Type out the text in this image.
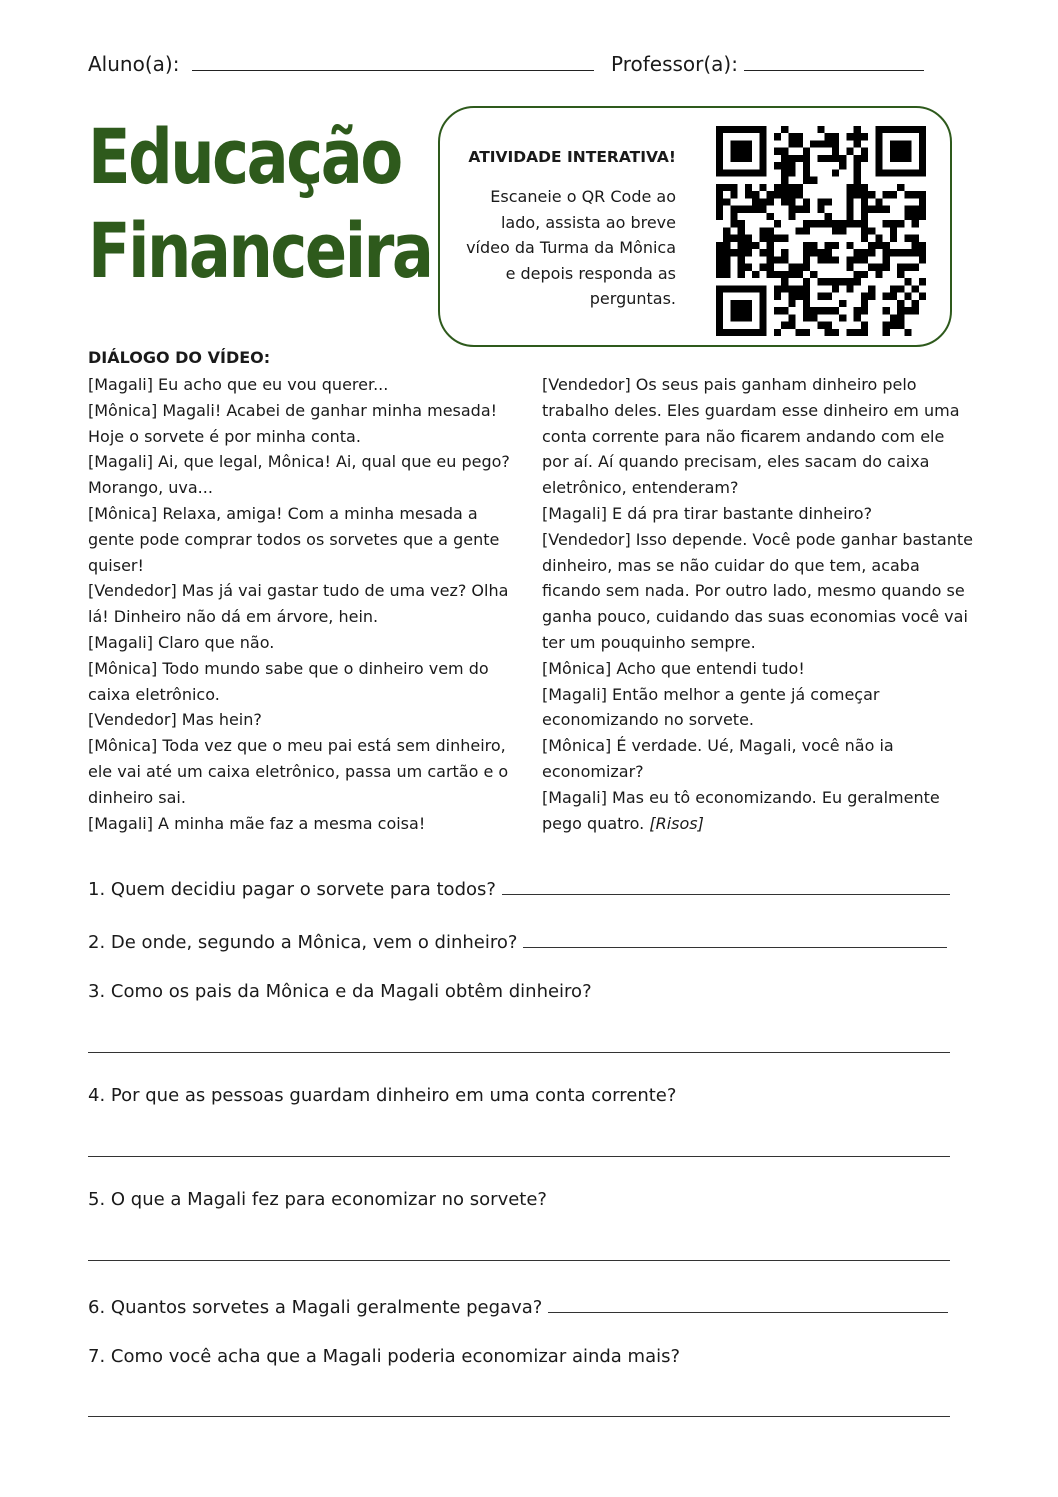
Aluno(a):	Professor(a):
Educação
Financeira
ATIVIDADE INTERATIVA!
Escaneie o QR Code ao lado, assista ao breve vídeo da Turma da Mônica e depois responda as perguntas.
DIÁLOGO DO VÍDEO:

[Magali] Eu acho que eu vou querer...

[Mônica] Magali! Acabei de ganhar minha mesada! Hoje o sorvete é por minha conta.

[Magali] Ai, que legal, Mônica! Ai, qual que eu pego? Morango, uva...

[Mônica] Relaxa, amiga! Com a minha mesada a gente pode comprar todos os sorvetes que a gente quiser!

[Vendedor] Mas já vai gastar tudo de uma vez? Olha lá! Dinheiro não dá em árvore, hein.

[Magali] Claro que não.

[Mônica] Todo mundo sabe que o dinheiro vem do caixa eletrônico.

[Vendedor] Mas hein?

[Mônica] Toda vez que o meu pai está sem dinheiro, ele vai até um caixa eletrônico, passa um cartão e o dinheiro sai.

[Magali] A minha mãe faz a mesma coisa!

[Vendedor] Os seus pais ganham dinheiro pelo trabalho deles. Eles guardam esse dinheiro em uma conta corrente para não ficarem andando com ele por aí. Aí quando precisam, eles sacam do caixa eletrônico, entenderam?

[Magali] E dá pra tirar bastante dinheiro?

[Vendedor] Isso depende. Você pode ganhar bastante dinheiro, mas se não cuidar do que tem, acaba ficando sem nada. Por outro lado, mesmo quando se ganha pouco, cuidando das suas economias você vai ter um pouquinho sempre.

[Mônica] Acho que entendi tudo!

[Magali] Então melhor a gente já começar economizando no sorvete.

[Mônica] É verdade. Ué, Magali, você não ia economizar?

[Magali] Mas eu tô economizando. Eu geralmente pego quatro. [Risos]

1. Quem decidiu pagar o sorvete para todos?
2. De onde, segundo a Mônica, vem o dinheiro?
3. Como os pais da Mônica e da Magali obtêm dinheiro?
4. Por que as pessoas guardam dinheiro em uma conta corrente?
5. O que a Magali fez para economizar no sorvete?
6. Quantos sorvetes a Magali geralmente pegava?
7. Como você acha que a Magali poderia economizar ainda mais?
